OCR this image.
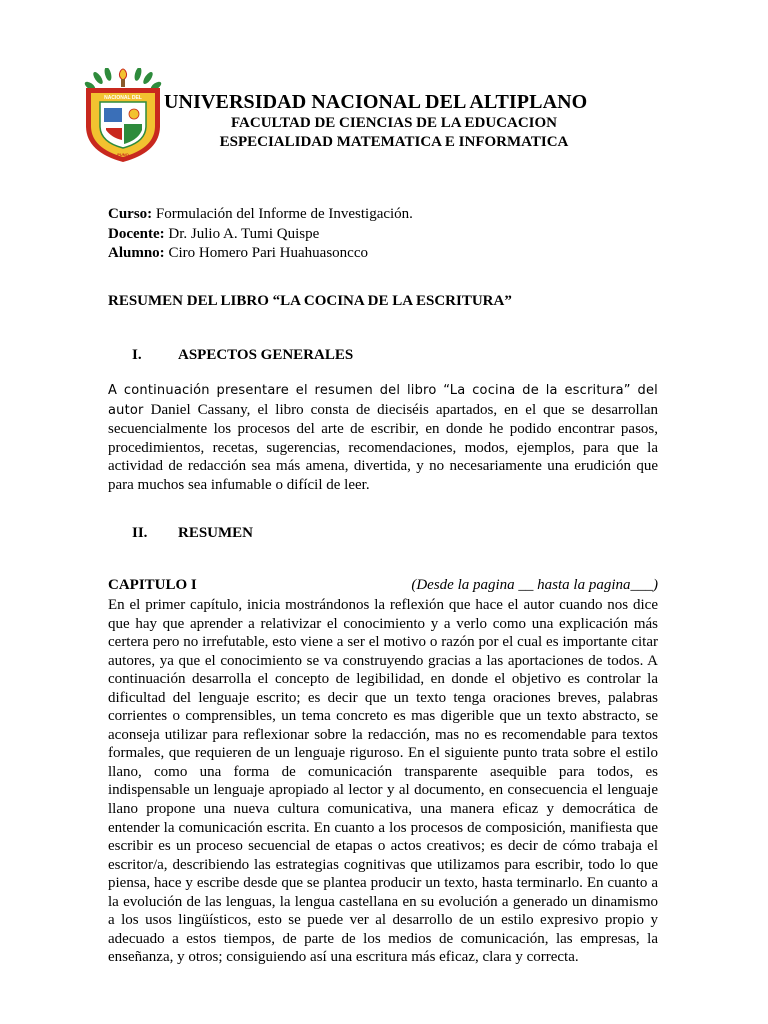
NACIONAL DEL
PUNO
UNIVERSIDAD NACIONAL DEL ALTIPLANO
FACULTAD DE CIENCIAS DE LA EDUCACION
ESPECIALIDAD MATEMATICA E INFORMATICA
Curso: Formulación del Informe de Investigación.
Docente: Dr. Julio A. Tumi Quispe
Alumno: Ciro Homero Pari Huahuasoncco
RESUMEN DEL LIBRO “LA COCINA DE LA ESCRITURA”
I.	ASPECTOS GENERALES
A continuación presentare el resumen del libro “La cocina de la escritura” del autor Daniel Cassany, el libro consta de dieciséis apartados, en el que se desarrollan secuencialmente los procesos del arte de escribir, en donde he podido encontrar pasos, procedimientos, recetas, sugerencias, recomendaciones, modos, ejemplos, para que la actividad de redacción sea más amena, divertida, y no necesariamente una erudición que para muchos sea infumable o difícil de leer.
II.	RESUMEN
CAPITULO I	(Desde la pagina __ hasta la pagina___)
En el primer capítulo, inicia mostrándonos la reflexión que hace el autor cuando nos dice que hay que aprender a relativizar el conocimiento y a verlo como una explicación más certera pero no irrefutable, esto viene a ser el motivo o razón por el cual es importante citar autores, ya que el conocimiento se va construyendo gracias a las aportaciones de todos. A continuación desarrolla el concepto de legibilidad, en donde el objetivo es controlar la dificultad del lenguaje escrito; es decir que un texto tenga oraciones breves, palabras corrientes o comprensibles, un tema concreto es mas digerible que un texto abstracto, se aconseja utilizar para reflexionar sobre la redacción, mas no es recomendable para textos formales, que requieren de un lenguaje riguroso. En el siguiente punto trata sobre el estilo llano, como una forma de comunicación transparente asequible para todos, es indispensable un lenguaje apropiado al lector y al documento, en consecuencia el lenguaje llano propone una nueva cultura comunicativa, una manera eficaz y democrática de entender la comunicación escrita. En cuanto a los procesos de composición, manifiesta que escribir es un proceso secuencial de etapas o actos creativos; es decir de cómo trabaja el escritor/a, describiendo las estrategias cognitivas que utilizamos para escribir, todo lo que piensa, hace y escribe desde que se plantea producir un texto, hasta terminarlo. En cuanto a la evolución de las lenguas, la lengua castellana en su evolución a generado un dinamismo a los usos lingüísticos, esto se puede ver al desarrollo de un estilo expresivo propio y adecuado a estos tiempos, de parte de los medios de comunicación, las empresas, la enseñanza, y otros; consiguiendo así una escritura más eficaz, clara y correcta.
